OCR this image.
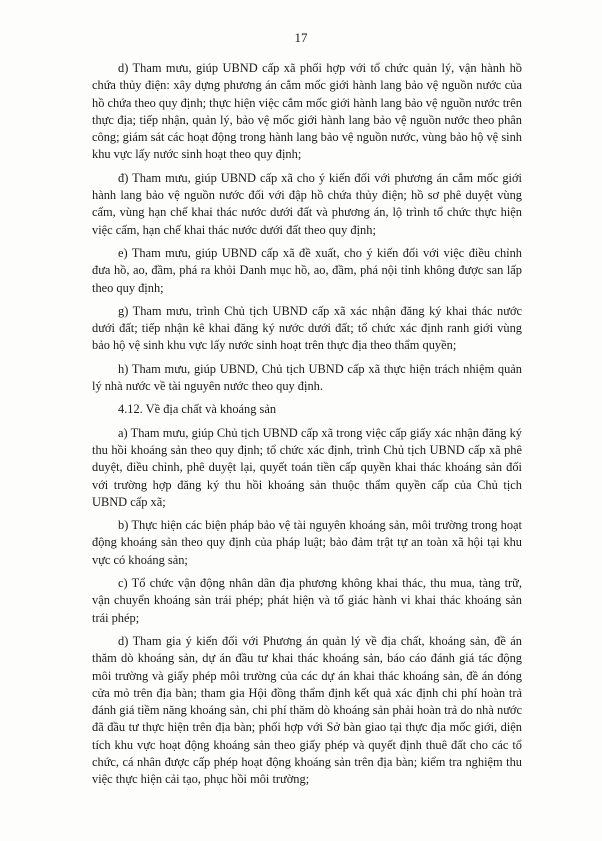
17

d) Tham mưu, giúp UBND cấp xã phối hợp với tổ chức quản lý, vận hành hồ chứa thủy điện: xây dựng phương án cắm mốc giới hành lang bảo vệ nguồn nước của hồ chứa theo quy định; thực hiện việc cắm mốc giới hành lang bảo vệ nguồn nước trên thực địa; tiếp nhận, quản lý, bảo vệ mốc giới hành lang bảo vệ nguồn nước theo phân công; giám sát các hoạt động trong hành lang bảo vệ nguồn nước, vùng bảo hộ vệ sinh khu vực lấy nước sinh hoạt theo quy định;

đ) Tham mưu, giúp UBND cấp xã cho ý kiến đối với phương án cắm mốc giới hành lang bảo vệ nguồn nước đối với đập hồ chứa thủy điện; hồ sơ phê duyệt vùng cấm, vùng hạn chế khai thác nước dưới đất và phương án, lộ trình tổ chức thực hiện việc cấm, hạn chế khai thác nước dưới đất theo quy định;

e) Tham mưu, giúp UBND cấp xã đề xuất, cho ý kiến đối với việc điều chỉnh đưa hồ, ao, đầm, phá ra khỏi Danh mục hồ, ao, đầm, phá nội tỉnh không được san lấp theo quy định;

g) Tham mưu, trình Chủ tịch UBND cấp xã xác nhận đăng ký khai thác nước dưới đất; tiếp nhận kê khai đăng ký nước dưới đất; tổ chức xác định ranh giới vùng bảo hộ vệ sinh khu vực lấy nước sinh hoạt trên thực địa theo thẩm quyền;

h) Tham mưu, giúp UBND, Chủ tịch UBND cấp xã thực hiện trách nhiệm quản lý nhà nước về tài nguyên nước theo quy định.

4.12. Về địa chất và khoáng sản

a) Tham mưu, giúp Chủ tịch UBND cấp xã trong việc cấp giấy xác nhận đăng ký thu hồi khoáng sản theo quy định; tổ chức xác định, trình Chủ tịch UBND cấp xã phê duyệt, điều chỉnh, phê duyệt lại, quyết toán tiền cấp quyền khai thác khoáng sản đối với trường hợp đăng ký thu hồi khoáng sản thuộc thẩm quyền cấp của Chủ tịch UBND cấp xã;

b) Thực hiện các biện pháp bảo vệ tài nguyên khoáng sản, môi trường trong hoạt động khoáng sản theo quy định của pháp luật; bảo đảm trật tự an toàn xã hội tại khu vực có khoáng sản;

c) Tổ chức vận động nhân dân địa phương không khai thác, thu mua, tàng trữ, vận chuyển khoáng sản trái phép; phát hiện và tố giác hành vi khai thác khoáng sản trái phép;

d) Tham gia ý kiến đối với Phương án quản lý về địa chất, khoáng sản, đề án thăm dò khoáng sản, dự án đầu tư khai thác khoáng sản, báo cáo đánh giá tác động môi trường và giấy phép môi trường của các dự án khai thác khoáng sản, đề án đóng cửa mỏ trên địa bàn; tham gia Hội đồng thẩm định kết quả xác định chi phí hoàn trả đánh giá tiềm năng khoáng sản, chi phí thăm dò khoáng sản phải hoàn trả do nhà nước đã đầu tư thực hiện trên địa bàn; phối hợp với Sở bàn giao tại thực địa mốc giới, diện tích khu vực hoạt động khoáng sản theo giấy phép và quyết định thuê đất cho các tổ chức, cá nhân được cấp phép hoạt động khoáng sản trên địa bàn; kiểm tra nghiệm thu việc thực hiện cải tạo, phục hồi môi trường;
